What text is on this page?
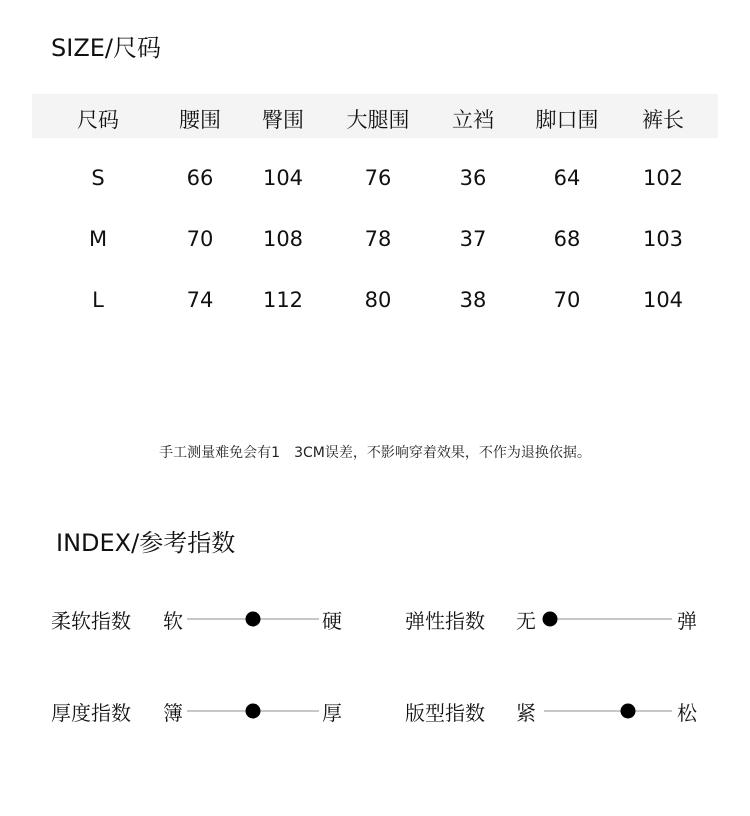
SIZE/尺码
尺码	腰围 臀围 大腿围 立裆 脚口围 裤长
S	66 104	76	36	64	102
M	70 108	78	37	68	103
L	74 112	80	38	70	104
手工测量难免会有1　3CM误差，不影响穿着效果，不作为退换依据。
INDEX/参考指数
柔软指数 软	硬	弹性指数 无	弹
厚度指数 簿	厚	版型指数 紧	松
